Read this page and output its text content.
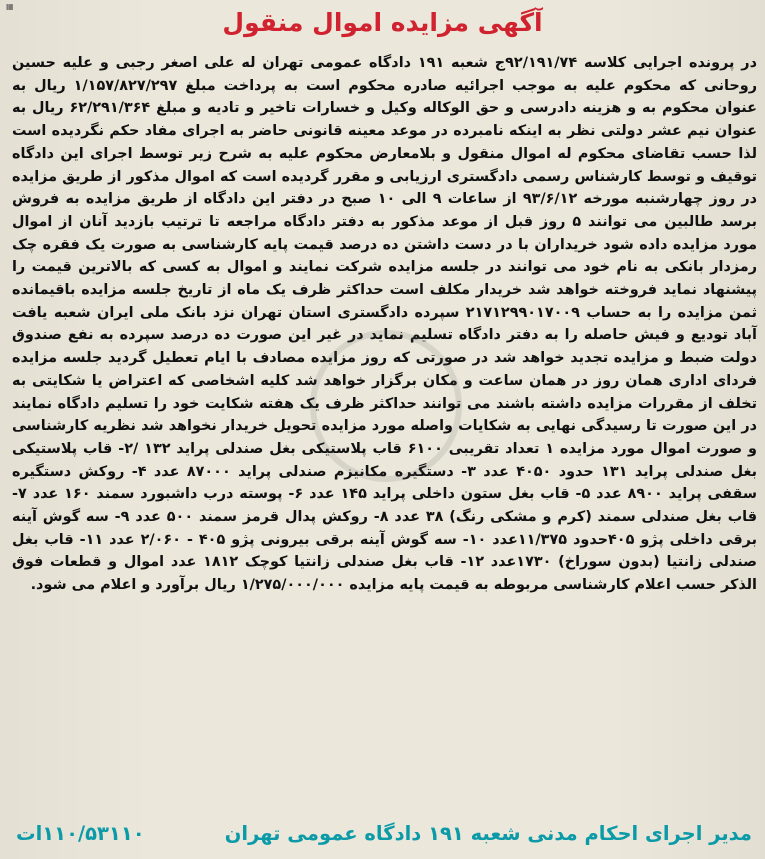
آگهی مزایده اموال منقول
▦

در پرونده اجرایی کلاسه ۹۲/۱۹۱/۷۴ج شعبه ۱۹۱ دادگاه عمومی تهران له علی اصغر رجبی و علیه حسین روحانی که محکوم علیه به موجب اجرائیه صادره محکوم است به پرداخت مبلغ ۱/۱۵۷/۸۲۷/۲۹۷ ریال به عنوان محکوم به و هزینه دادرسی و حق الوکاله وکیل و خسارات تاخیر و تادیه و مبلغ ۶۲/۲۹۱/۳۶۴ ریال به عنوان نیم عشر دولتی نظر به اینکه نامبرده در موعد معینه قانونی حاضر به اجرای مفاد حکم نگردیده است لذا حسب تقاضای محکوم له اموال منقول و بلامعارض محکوم علیه به شرح زیر توسط اجرای این دادگاه توقیف و توسط کارشناس رسمی دادگستری ارزیابی و مقرر گردیده است که اموال مذکور از طریق مزایده در روز چهارشنبه مورخه ۹۳/۶/۱۲ از ساعات ۹ الی ۱۰ صبح در دفتر این دادگاه از طریق مزایده به فروش برسد طالبین می توانند ۵ روز قبل از موعد مذکور به دفتر دادگاه مراجعه تا ترتیب بازدید آنان از اموال مورد مزایده داده شود خریداران با در دست داشتن ده درصد قیمت پایه کارشناسی به صورت یک فقره چک رمزدار بانکی به نام خود می توانند در جلسه مزایده شرکت نمایند و اموال به کسی که بالاترین قیمت را پیشنهاد نماید فروخته خواهد شد خریدار مکلف است حداکثر ظرف یک ماه از تاریخ جلسه مزایده باقیمانده ثمن مزایده را به حساب ۲۱۷۱۲۹۹۰۱۷۰۰۹ سپرده دادگستری استان تهران نزد بانک ملی ایران شعبه یافت آباد تودیع و فیش حاصله را به دفتر دادگاه تسلیم نماید در غیر این صورت ده درصد سپرده به نفع صندوق دولت ضبط و مزایده تجدید خواهد شد در صورتی که روز مزایده مصادف با ایام تعطیل گردید جلسه مزایده فردای اداری همان روز در همان ساعت و مکان برگزار خواهد شد کلیه اشخاصی که اعتراض یا شکایتی به تخلف از مقررات مزایده داشته باشند می توانند حداکثر ظرف یک هفته شکایت خود را تسلیم دادگاه نمایند در این صورت تا رسیدگی نهایی به شکایات واصله مورد مزایده تحویل خریدار نخواهد شد نظریه کارشناسی و صورت اموال مورد مزایده ۱ تعداد تقریبی ۶۱۰۰ قاب پلاستیکی بغل صندلی پراید ۱۳۲ /۲- قاب پلاستیکی بغل صندلی پراید ۱۳۱ حدود ۴۰۵۰ عدد ۳- دستگیره مکانیزم صندلی پراید ۸۷۰۰۰ عدد ۴- روکش دستگیره سقفی پراید ۸۹۰۰ عدد ۵- قاب بغل ستون داخلی پراید ۱۴۵ عدد ۶- پوسته درب داشبورد سمند ۱۶۰ عدد ۷- قاب بغل صندلی سمند (کرم و مشکی رنگ) ۳۸ عدد ۸- روکش پدال قرمز سمند ۵۰۰ عدد ۹- سه گوش آینه برقی داخلی پژو ۴۰۵حدود ۱۱/۳۷۵عدد ۱۰- سه گوش آینه برقی بیرونی پژو ۴۰۵ - ۲/۰۶۰ عدد ۱۱- قاب بغل صندلی زانتیا (بدون سوراخ) ۱۷۳۰عدد ۱۲- قاب بغل صندلی زانتیا کوچک ۱۸۱۲ عدد اموال و قطعات فوق الذکر حسب اعلام کارشناسی مربوطه به قیمت پایه مزایده ۱/۲۷۵/۰۰۰/۰۰۰ ریال برآورد و اعلام می شود.

مدیر اجرای احکام مدنی شعبه ۱۹۱ دادگاه عمومی تهران
۱۱۰/۵۳۱۱۰ات
